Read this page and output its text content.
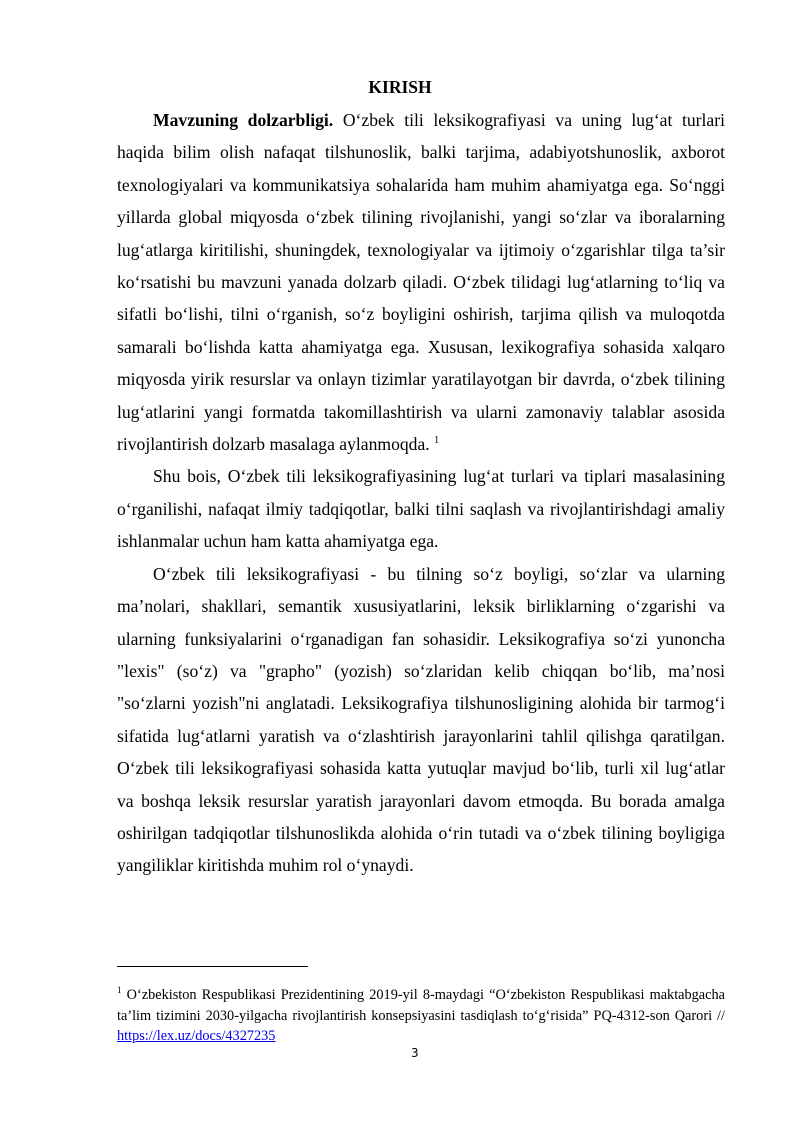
KIRISH

Mavzuning dolzarbligi. O‘zbek tili leksikografiyasi va uning lug‘at turlari haqida bilim olish nafaqat tilshunoslik, balki tarjima, adabiyotshunoslik, axborot texnologiyalari va kommunikatsiya sohalarida ham muhim ahamiyatga ega. So‘nggi yillarda global miqyosda o‘zbek tilining rivojlanishi, yangi so‘zlar va iboralarning lug‘atlarga kiritilishi, shuningdek, texnologiyalar va ijtimoiy o‘zgarishlar tilga ta’sir ko‘rsatishi bu mavzuni yanada dolzarb qiladi. O‘zbek tilidagi lug‘atlarning to‘liq va sifatli bo‘lishi, tilni o‘rganish, so‘z boyligini oshirish, tarjima qilish va muloqotda samarali bo‘lishda katta ahamiyatga ega. Xususan, lexikografiya sohasida xalqaro miqyosda yirik resurslar va onlayn tizimlar yaratilayotgan bir davrda, o‘zbek tilining lug‘atlarini yangi formatda takomillashtirish va ularni zamonaviy talablar asosida rivojlantirish dolzarb masalaga aylanmoqda. $^1$

Shu bois, O‘zbek tili leksikografiyasining lug‘at turlari va tiplari masalasining o‘rganilishi, nafaqat ilmiy tadqiqotlar, balki tilni saqlash va rivojlantirishdagi amaliy ishlanmalar uchun ham katta ahamiyatga ega.

O‘zbek tili leksikografiyasi - bu tilning so‘z boyligi, so‘zlar va ularning ma’nolari, shakllari, semantik xususiyatlarini, leksik birliklarning o‘zgarishi va ularning funksiyalarini o‘rganadigan fan sohasidir. Leksikografiya so‘zi yunoncha "lexis" (so‘z) va "grapho" (yozish) so‘zlaridan kelib chiqqan bo‘lib, ma’nosi "so‘zlarni yozish"ni anglatadi. Leksikografiya tilshunosligining alohida bir tarmog‘i sifatida lug‘atlarni yaratish va o‘zlashtirish jarayonlarini tahlil qilishga qaratilgan. O‘zbek tili leksikografiyasi sohasida katta yutuqlar mavjud bo‘lib, turli xil lug‘atlar va boshqa leksik resurslar yaratish jarayonlari davom etmoqda. Bu borada amalga oshirilgan tadqiqotlar tilshunoslikda alohida o‘rin tutadi va o‘zbek tilining boyligiga yangiliklar kiritishda muhim rol o‘ynaydi.

$^1$ O‘zbekiston Respublikasi Prezidentining 2019-yil 8-maydagi “O‘zbekiston Respublikasi maktabgacha ta’lim tizimini 2030-yilgacha rivojlantirish konsepsiyasini tasdiqlash to‘g‘risida” PQ-4312-son Qarori // https://lex.uz/docs/4327235

3
